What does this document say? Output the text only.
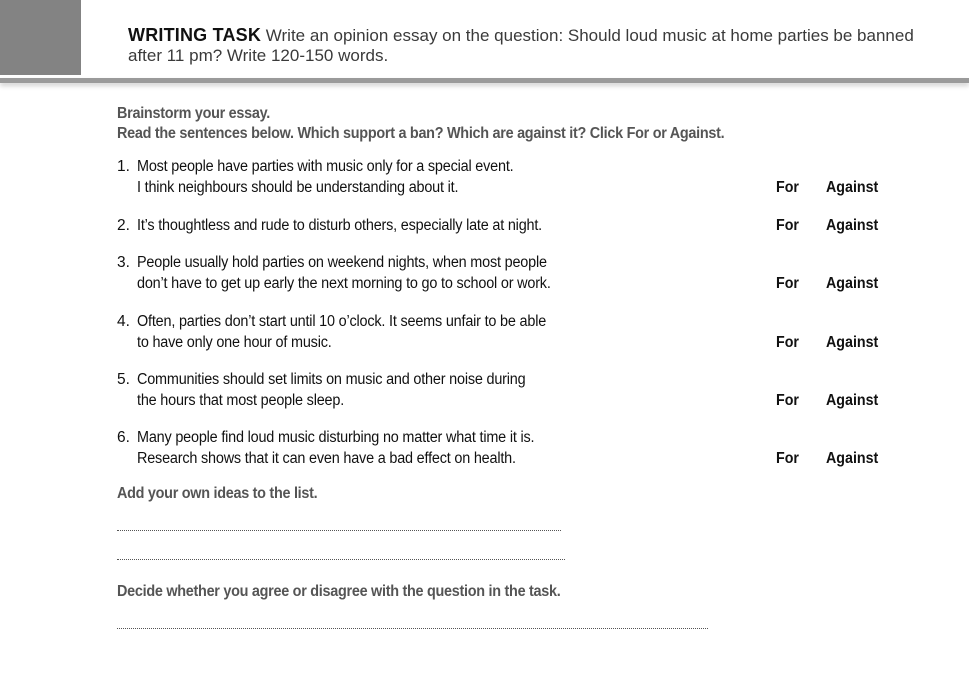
WRITING TASK Write an opinion essay on the question: Should loud music at home parties be banned after 11 pm? Write 120-150 words.
Brainstorm your essay.
Read the sentences below. Which support a ban? Which are against it? Click For or Against.
1. Most people have parties with music only for a special event.
I think neighbours should be understanding about it.	For Against
2. It’s thoughtless and rude to disturb others, especially late at night.	For Against
3. People usually hold parties on weekend nights, when most people
don’t have to get up early the next morning to go to school or work.	For Against
4. Often, parties don’t start until 10 o’clock. It seems unfair to be able
to have only one hour of music.	For Against
5. Communities should set limits on music and other noise during
the hours that most people sleep.	For Against
6. Many people find loud music disturbing no matter what time it is.
Research shows that it can even have a bad effect on health.	For Against
Add your own ideas to the list.
Decide whether you agree or disagree with the question in the task.
